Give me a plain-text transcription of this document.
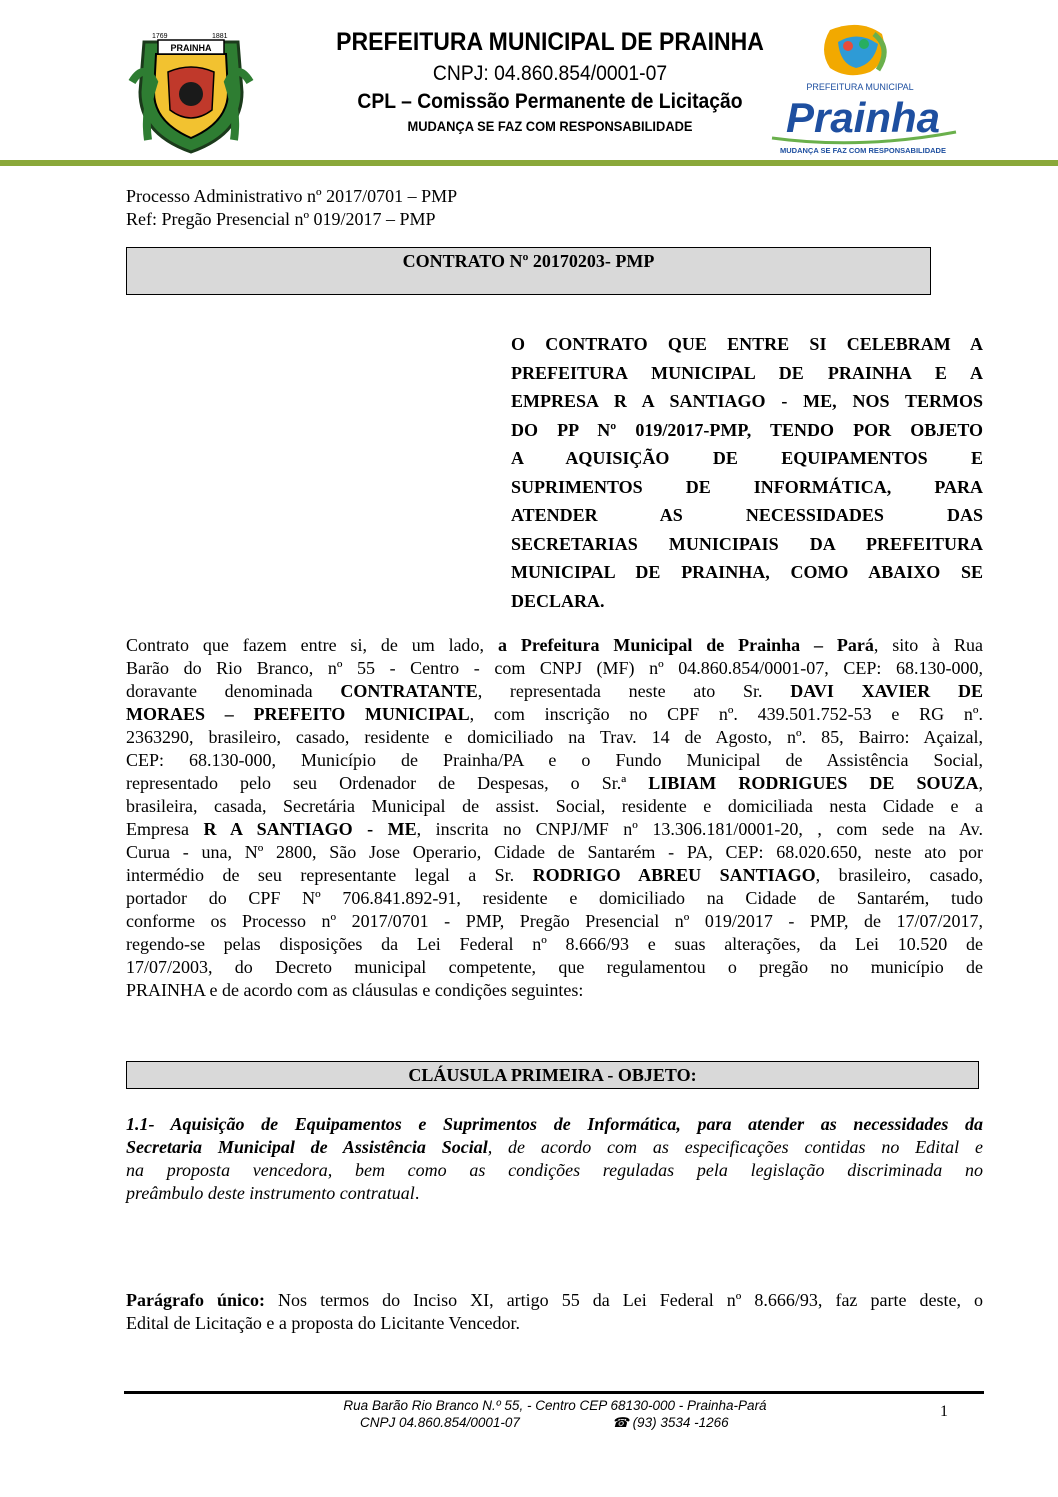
PRAINHA
1769	1881	PREFEITURA MUNICIPAL DE PRAINHA
CNPJ: 04.860.854/0001-07
CPL – Comissão Permanente de Licitação
MUDANÇA SE FAZ COM RESPONSABILIDADE
PREFEITURA MUNICIPAL
Prainha
MUDANÇA SE FAZ COM RESPONSABILIDADE
Processo Administrativo nº 2017/0701 – PMP
Ref: Pregão Presencial nº 019/2017 – PMP
CONTRATO Nº 20170203- PMP
O CONTRATO QUE ENTRE SI CELEBRAM A
PREFEITURA MUNICIPAL DE PRAINHA E A
EMPRESA R A SANTIAGO - ME, NOS TERMOS
DO PP Nº 019/2017-PMP, TENDO POR OBJETO
A AQUISIÇÃO DE EQUIPAMENTOS E
SUPRIMENTOS DE INFORMÁTICA, PARA
ATENDER AS NECESSIDADES DAS
SECRETARIAS MUNICIPAIS DA PREFEITURA
MUNICIPAL DE PRAINHA, COMO ABAIXO SE
DECLARA.
Contrato que fazem entre si, de um lado, a Prefeitura Municipal de Prainha – Pará, sito à Rua
Barão do Rio Branco, nº 55 - Centro - com CNPJ (MF) nº 04.860.854/0001-07, CEP: 68.130-000,
doravante denominada CONTRATANTE, representada neste ato Sr. DAVI XAVIER DE
MORAES – PREFEITO MUNICIPAL, com inscrição no CPF nº. 439.501.752-53 e RG nº.
2363290, brasileiro, casado, residente e domiciliado na Trav. 14 de Agosto, nº. 85, Bairro: Açaizal,
CEP: 68.130-000, Município de Prainha/PA e o Fundo Municipal de Assistência Social,
representado pelo seu Ordenador de Despesas, o Sr.ª LIBIAM RODRIGUES DE SOUZA,
brasileira, casada, Secretária Municipal de assist. Social, residente e domiciliada nesta Cidade e a
Empresa R A SANTIAGO - ME, inscrita no CNPJ/MF nº 13.306.181/0001-20, , com sede na Av.
Curua - una, Nº 2800, São Jose Operario, Cidade de Santarém - PA, CEP: 68.020.650, neste ato por
intermédio de seu representante legal a Sr. RODRIGO ABREU SANTIAGO, brasileiro, casado,
portador do CPF Nº 706.841.892-91, residente e domiciliado na Cidade de Santarém, tudo
conforme os Processo nº 2017/0701 - PMP, Pregão Presencial nº 019/2017 - PMP, de 17/07/2017,
regendo-se pelas disposições da Lei Federal nº 8.666/93 e suas alterações, da Lei 10.520 de
17/07/2003, do Decreto municipal competente, que regulamentou o pregão no município de
PRAINHA e de acordo com as cláusulas e condições seguintes:
CLÁUSULA PRIMEIRA - OBJETO:
1.1- Aquisição de Equipamentos e Suprimentos de Informática, para atender as necessidades da
Secretaria Municipal de Assistência Social, de acordo com as especificações contidas no Edital e
na proposta vencedora, bem como as condições reguladas pela legislação discriminada no
preâmbulo deste instrumento contratual.
Parágrafo único: Nos termos do Inciso XI, artigo 55 da Lei Federal nº 8.666/93, faz parte deste, o
Edital de Licitação e a proposta do Licitante Vencedor.
Rua Barão Rio Branco N.º 55, - Centro CEP 68130-000 - Prainha-Pará
CNPJ 04.860.854/0001-07	☎ (93) 3534 -1266
1
